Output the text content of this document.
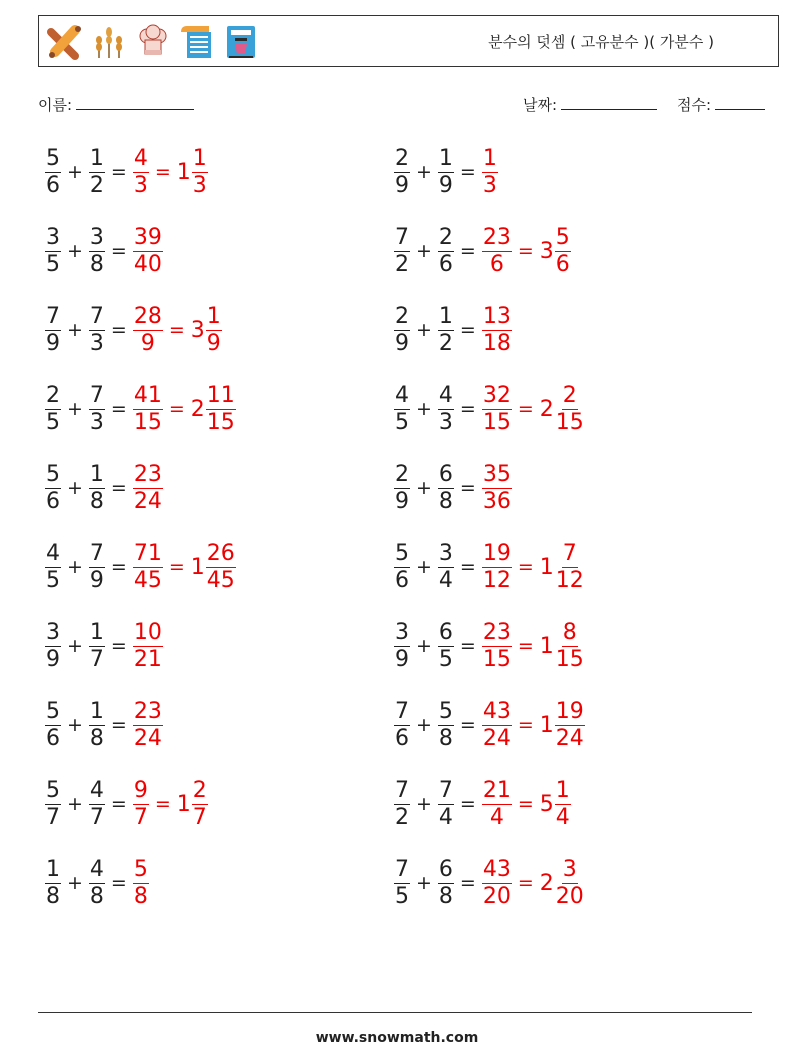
분수의 덧셈 ( 고유분수 )( 가분수 )
이름:	날짜:	점수:
$\frac{5}{6} + \frac{1}{2} = \frac{4}{3} = 1 \frac{1}{3}$
$\frac{3}{5} + \frac{3}{8} = \frac{39}{40}$
$\frac{7}{9} + \frac{7}{3} = \frac{28}{9} = 3 \frac{1}{9}$
$\frac{2}{5} + \frac{7}{3} = \frac{41}{15} = 2 \frac{11}{15}$
$\frac{5}{6} + \frac{1}{8} = \frac{23}{24}$
$\frac{4}{5} + \frac{7}{9} = \frac{71}{45} = 1 \frac{26}{45}$
$\frac{3}{9} + \frac{1}{7} = \frac{10}{21}$
$\frac{5}{6} + \frac{1}{8} = \frac{23}{24}$
$\frac{5}{7} + \frac{4}{7} = \frac{9}{7} = 1 \frac{2}{7}$
$\frac{1}{8} + \frac{4}{8} = \frac{5}{8}$
$\frac{2}{9} + \frac{1}{9} = \frac{1}{3}$
$\frac{7}{2} + \frac{2}{6} = \frac{23}{6} = 3 \frac{5}{6}$
$\frac{2}{9} + \frac{1}{2} = \frac{13}{18}$
$\frac{4}{5} + \frac{4}{3} = \frac{32}{15} = 2 \frac{2}{15}$
$\frac{2}{9} + \frac{6}{8} = \frac{35}{36}$
$\frac{5}{6} + \frac{3}{4} = \frac{19}{12} = 1 \frac{7}{12}$
$\frac{3}{9} + \frac{6}{5} = \frac{23}{15} = 1 \frac{8}{15}$
$\frac{7}{6} + \frac{5}{8} = \frac{43}{24} = 1 \frac{19}{24}$
$\frac{7}{2} + \frac{7}{4} = \frac{21}{4} = 5 \frac{1}{4}$
$\frac{7}{5} + \frac{6}{8} = \frac{43}{20} = 2 \frac{3}{20}$
www.snowmath.com
